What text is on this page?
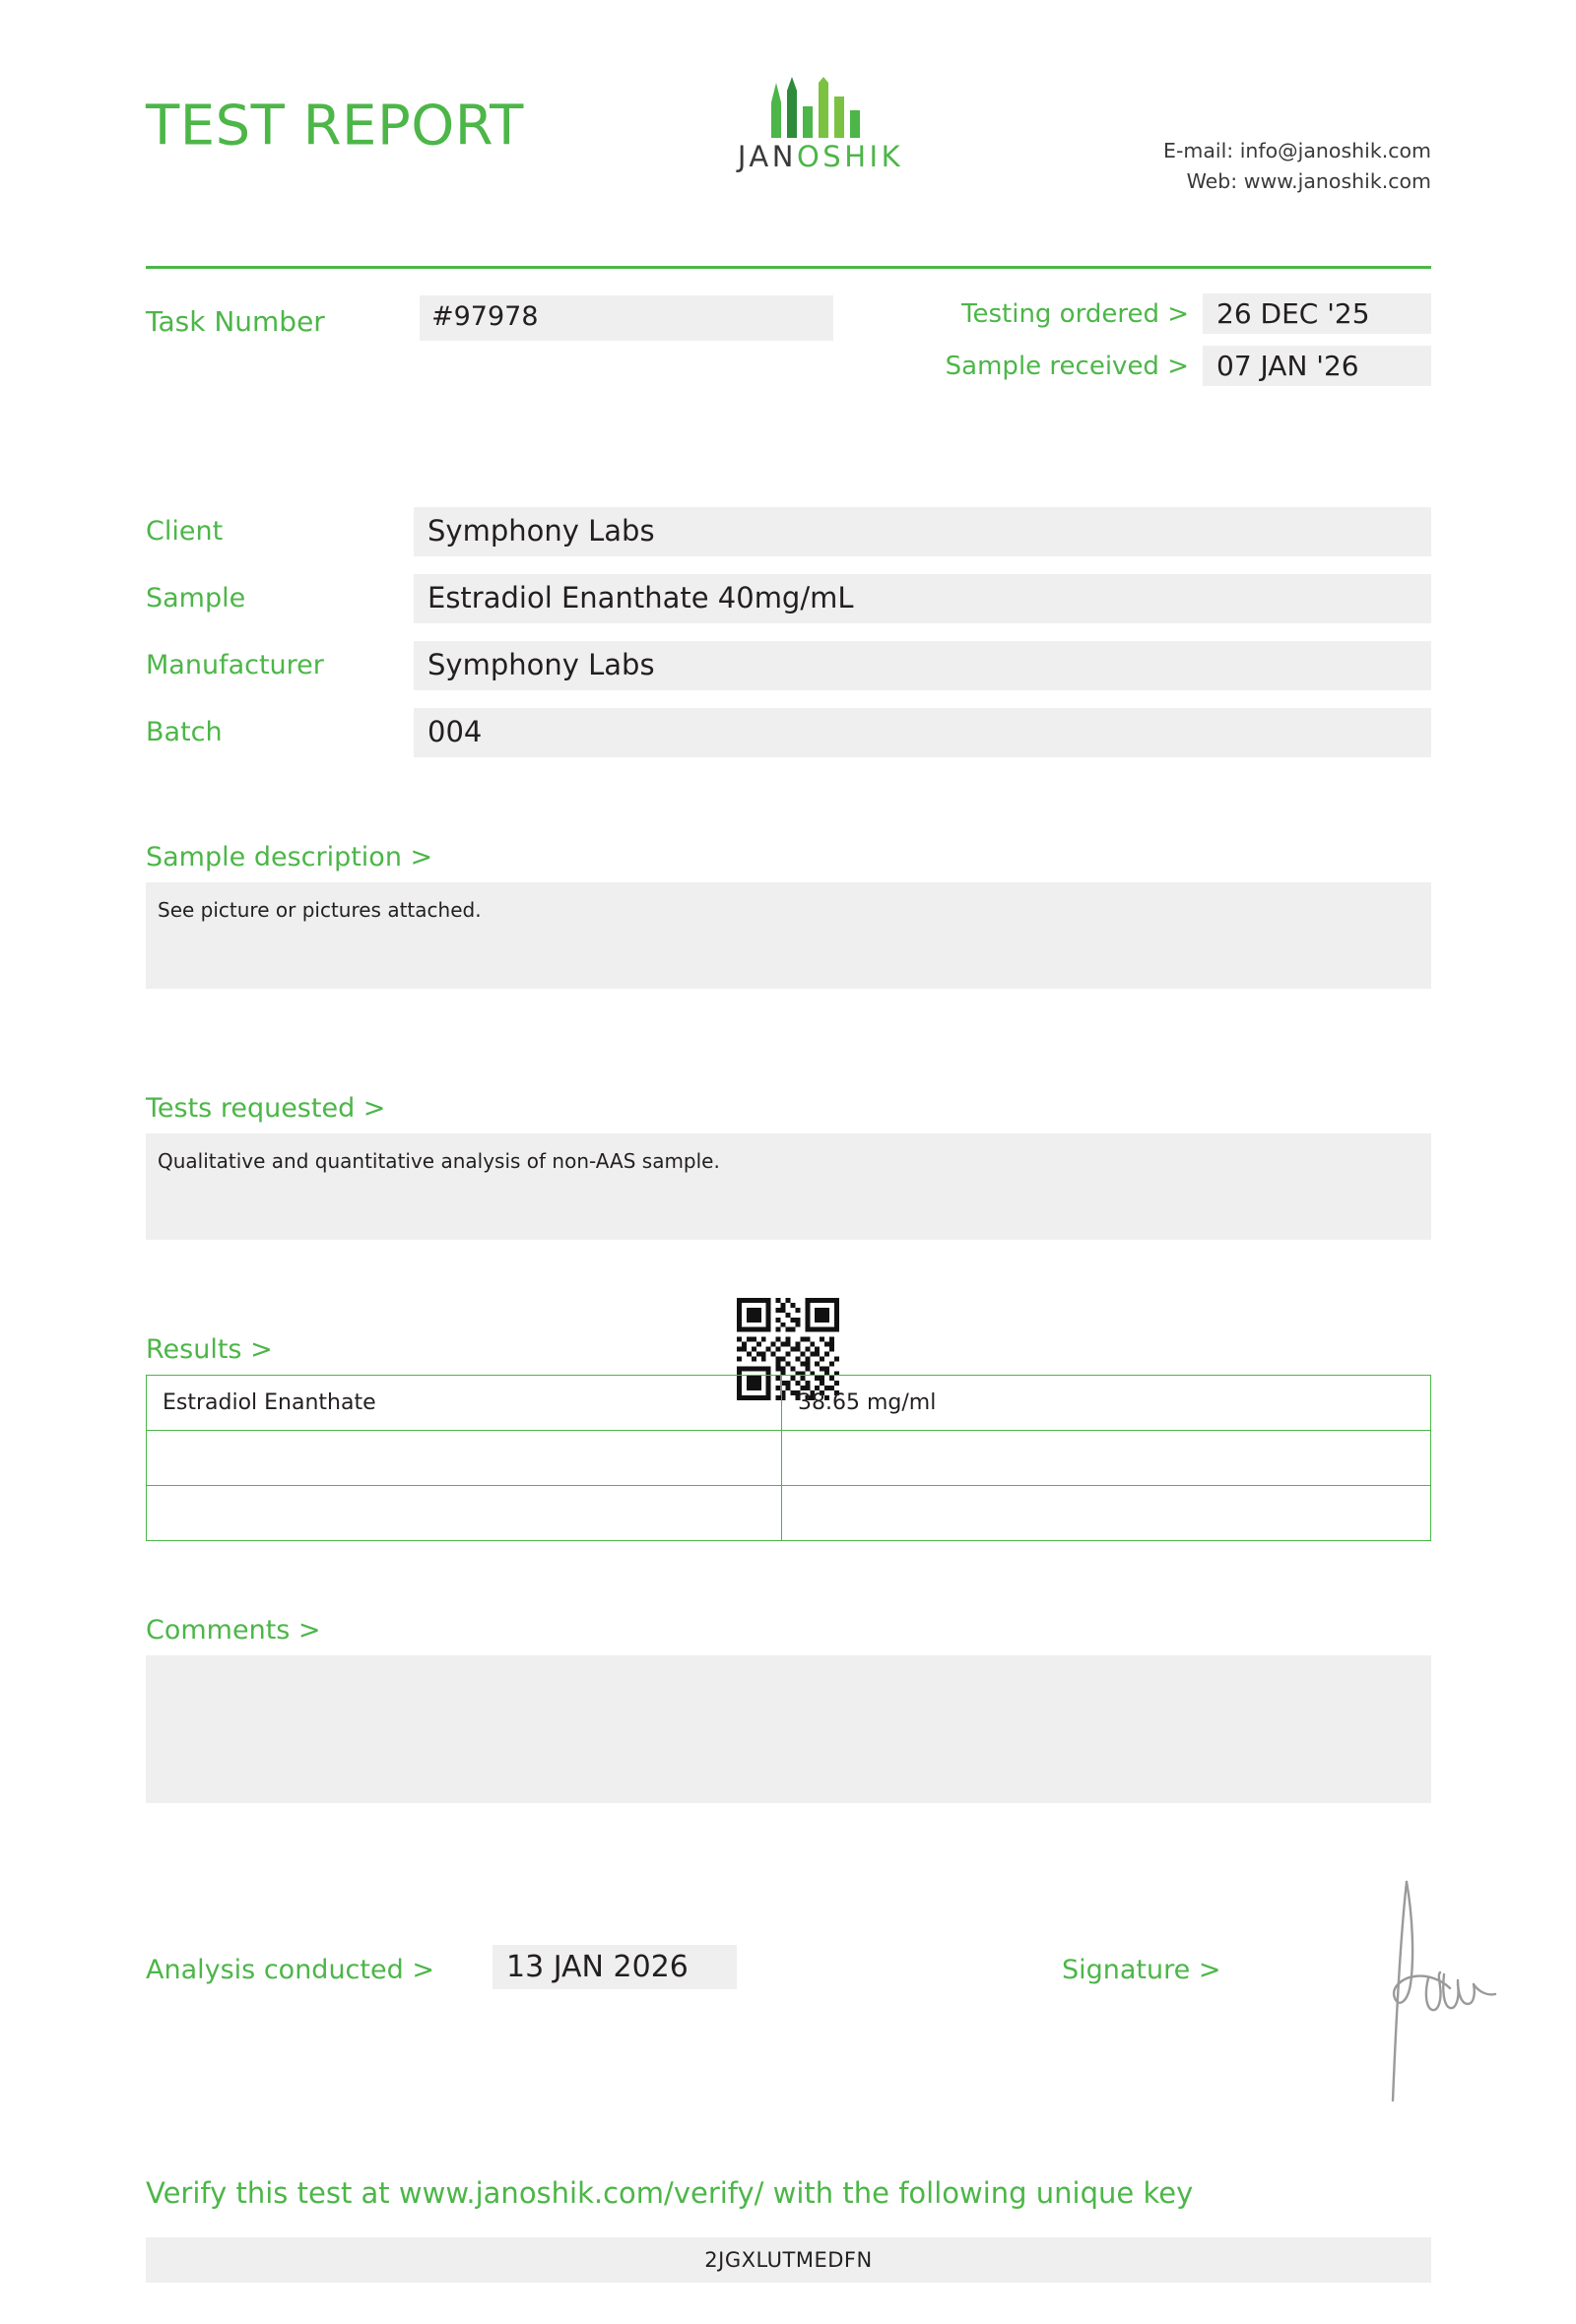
TEST REPORT	JANOSHIK	E-mail: info@janoshik.com
Web: www.janoshik.com
Task Number	#97978	Testing ordered >	26 DEC '25
Sample received >	07 JAN '26
Client	Symphony Labs
Sample	Estradiol Enanthate 40mg/mL
Manufacturer	Symphony Labs
Batch	004
Sample description >
See picture or pictures attached.
Tests requested >
Qualitative and quantitative analysis of non-AAS sample.
Results >
Estradiol Enanthate	38.65 mg/ml

Comments >
Analysis conducted >	13 JAN 2026	Signature >
Verify this test at www.janoshik.com/verify/ with the following unique key
2JGXLUTMEDFN
